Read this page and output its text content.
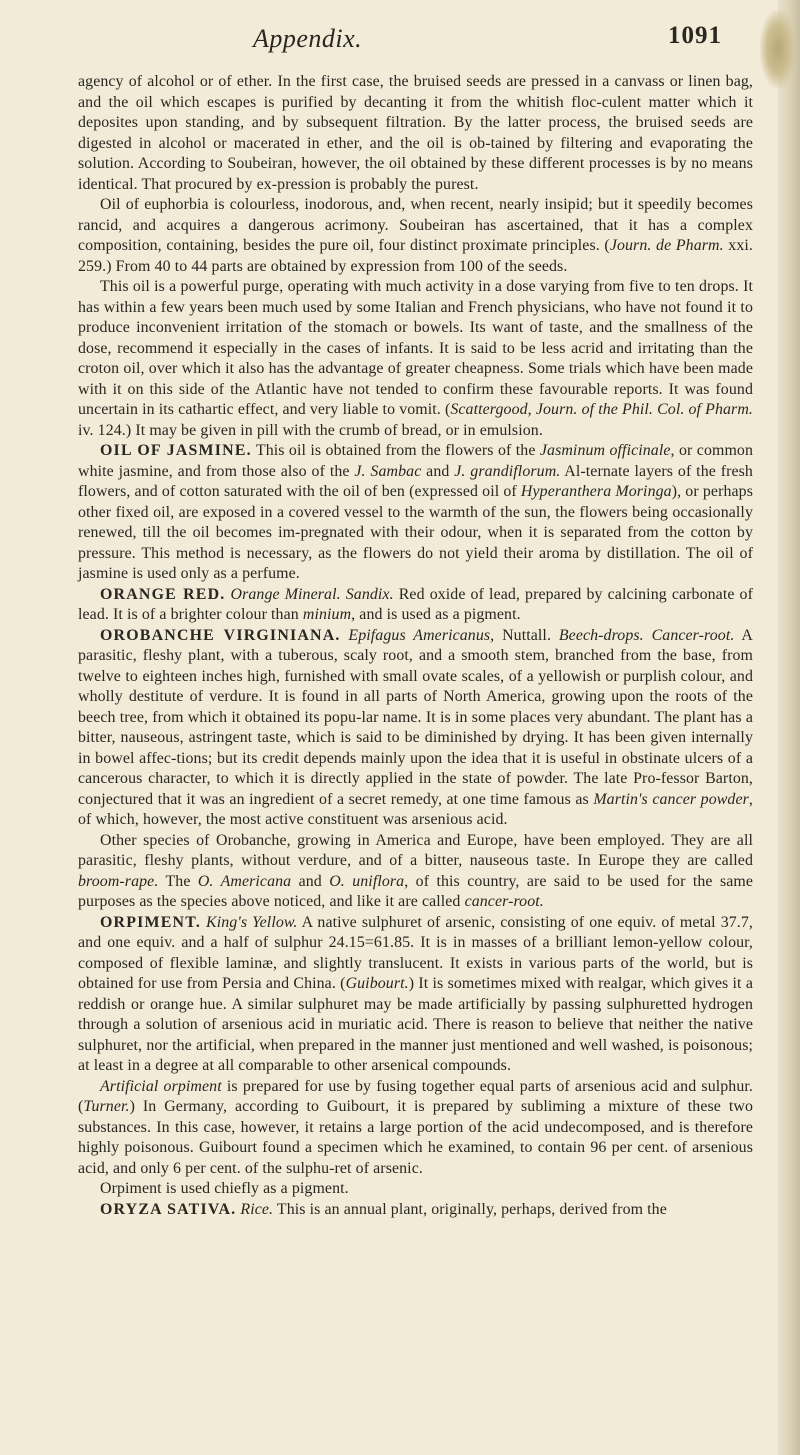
Appendix.	1091

agency of alcohol or of ether. In the first case, the bruised seeds are pressed in a canvass or linen bag, and the oil which escapes is purified by decanting it from the whitish floc-culent matter which it deposites upon standing, and by subsequent filtration. By the latter process, the bruised seeds are digested in alcohol or macerated in ether, and the oil is ob-tained by filtering and evaporating the solution. According to Soubeiran, however, the oil obtained by these different processes is by no means identical. That procured by ex-pression is probably the purest.

Oil of euphorbia is colourless, inodorous, and, when recent, nearly insipid; but it speedily becomes rancid, and acquires a dangerous acrimony. Soubeiran has ascertained, that it has a complex composition, containing, besides the pure oil, four distinct proximate principles. (Journ. de Pharm. xxi. 259.) From 40 to 44 parts are obtained by expression from 100 of the seeds.

This oil is a powerful purge, operating with much activity in a dose varying from five to ten drops. It has within a few years been much used by some Italian and French physicians, who have not found it to produce inconvenient irritation of the stomach or bowels. Its want of taste, and the smallness of the dose, recommend it especially in the cases of infants. It is said to be less acrid and irritating than the croton oil, over which it also has the advantage of greater cheapness. Some trials which have been made with it on this side of the Atlantic have not tended to confirm these favourable reports. It was found uncertain in its cathartic effect, and very liable to vomit. (Scattergood, Journ. of the Phil. Col. of Pharm. iv. 124.) It may be given in pill with the crumb of bread, or in emulsion.

OIL OF JASMINE. This oil is obtained from the flowers of the Jasminum officinale, or common white jasmine, and from those also of the J. Sambac and J. grandiflorum. Al-ternate layers of the fresh flowers, and of cotton saturated with the oil of ben (expressed oil of Hyperanthera Moringa), or perhaps other fixed oil, are exposed in a covered vessel to the warmth of the sun, the flowers being occasionally renewed, till the oil becomes im-pregnated with their odour, when it is separated from the cotton by pressure. This method is necessary, as the flowers do not yield their aroma by distillation. The oil of jasmine is used only as a perfume.

ORANGE RED. Orange Mineral. Sandix. Red oxide of lead, prepared by calcining carbonate of lead. It is of a brighter colour than minium, and is used as a pigment.

OROBANCHE VIRGINIANA. Epifagus Americanus, Nuttall. Beech-drops. Cancer-root. A parasitic, fleshy plant, with a tuberous, scaly root, and a smooth stem, branched from the base, from twelve to eighteen inches high, furnished with small ovate scales, of a yellowish or purplish colour, and wholly destitute of verdure. It is found in all parts of North America, growing upon the roots of the beech tree, from which it obtained its popu-lar name. It is in some places very abundant. The plant has a bitter, nauseous, astringent taste, which is said to be diminished by drying. It has been given internally in bowel affec-tions; but its credit depends mainly upon the idea that it is useful in obstinate ulcers of a cancerous character, to which it is directly applied in the state of powder. The late Pro-fessor Barton, conjectured that it was an ingredient of a secret remedy, at one time famous as Martin's cancer powder, of which, however, the most active constituent was arsenious acid.

Other species of Orobanche, growing in America and Europe, have been employed. They are all parasitic, fleshy plants, without verdure, and of a bitter, nauseous taste. In Europe they are called broom-rape. The O. Americana and O. uniflora, of this country, are said to be used for the same purposes as the species above noticed, and like it are called cancer-root.

ORPIMENT. King's Yellow. A native sulphuret of arsenic, consisting of one equiv. of metal 37.7, and one equiv. and a half of sulphur 24.15=61.85. It is in masses of a brilliant lemon-yellow colour, composed of flexible laminæ, and slightly translucent. It exists in various parts of the world, but is obtained for use from Persia and China. (Guibourt.) It is sometimes mixed with realgar, which gives it a reddish or orange hue. A similar sulphuret may be made artificially by passing sulphuretted hydrogen through a solution of arsenious acid in muriatic acid. There is reason to believe that neither the native sulphuret, nor the artificial, when prepared in the manner just mentioned and well washed, is poisonous; at least in a degree at all comparable to other arsenical compounds.

Artificial orpiment is prepared for use by fusing together equal parts of arsenious acid and sulphur. (Turner.) In Germany, according to Guibourt, it is prepared by subliming a mixture of these two substances. In this case, however, it retains a large portion of the acid undecomposed, and is therefore highly poisonous. Guibourt found a specimen which he examined, to contain 96 per cent. of arsenious acid, and only 6 per cent. of the sulphu-ret of arsenic.

Orpiment is used chiefly as a pigment.

ORYZA SATIVA. Rice. This is an annual plant, originally, perhaps, derived from the
